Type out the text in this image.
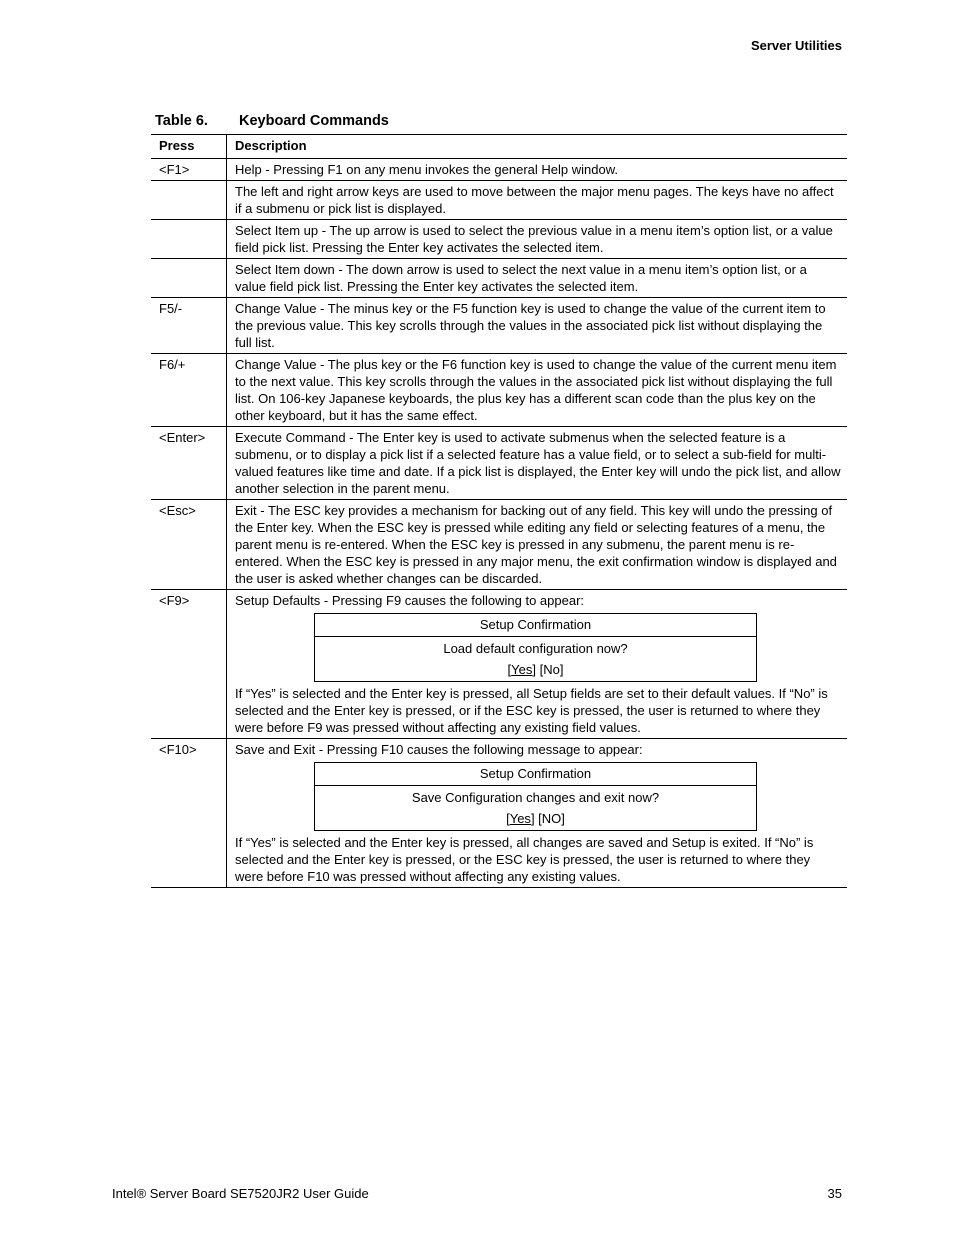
Server Utilities
Table 6. Keyboard Commands
Press	Description
<F1>	Help - Pressing F1 on any menu invokes the general Help window.
	The left and right arrow keys are used to move between the major menu pages. The keys have no affect if a submenu or pick list is displayed.
	Select Item up - The up arrow is used to select the previous value in a menu item’s option list, or a value field pick list. Pressing the Enter key activates the selected item.
	Select Item down - The down arrow is used to select the next value in a menu item’s option list, or a value field pick list. Pressing the Enter key activates the selected item.
F5/-	Change Value - The minus key or the F5 function key is used to change the value of the current item to the previous value. This key scrolls through the values in the associated pick list without displaying the full list.
F6/+	Change Value - The plus key or the F6 function key is used to change the value of the current menu item to the next value. This key scrolls through the values in the associated pick list without displaying the full list. On 106-key Japanese keyboards, the plus key has a different scan code than the plus key on the other keyboard, but it has the same effect.
<Enter>	Execute Command - The Enter key is used to activate submenus when the selected feature is a submenu, or to display a pick list if a selected feature has a value field, or to select a sub-field for multi-valued features like time and date. If a pick list is displayed, the Enter key will undo the pick list, and allow another selection in the parent menu.
<Esc>	Exit - The ESC key provides a mechanism for backing out of any field. This key will undo the pressing of the Enter key. When the ESC key is pressed while editing any field or selecting features of a menu, the parent menu is re-entered. When the ESC key is pressed in any submenu, the parent menu is re-entered. When the ESC key is pressed in any major menu, the exit confirmation window is displayed and the user is asked whether changes can be discarded.
<F9>	Setup Defaults - Pressing F9 causes the following to appear:
Setup Confirmation
Load default configuration now?
[Yes] [No]
If “Yes” is selected and the Enter key is pressed, all Setup fields are set to their default values. If “No” is selected and the Enter key is pressed, or if the ESC key is pressed, the user is returned to where they were before F9 was pressed without affecting any existing field values.

<F10>	Save and Exit - Pressing F10 causes the following message to appear:
Setup Confirmation
Save Configuration changes and exit now?
[Yes] [NO]
If “Yes” is selected and the Enter key is pressed, all changes are saved and Setup is exited. If “No” is selected and the Enter key is pressed, or the ESC key is pressed, the user is returned to where they were before F10 was pressed without affecting any existing values.
Intel® Server Board SE7520JR2 User Guide	35
